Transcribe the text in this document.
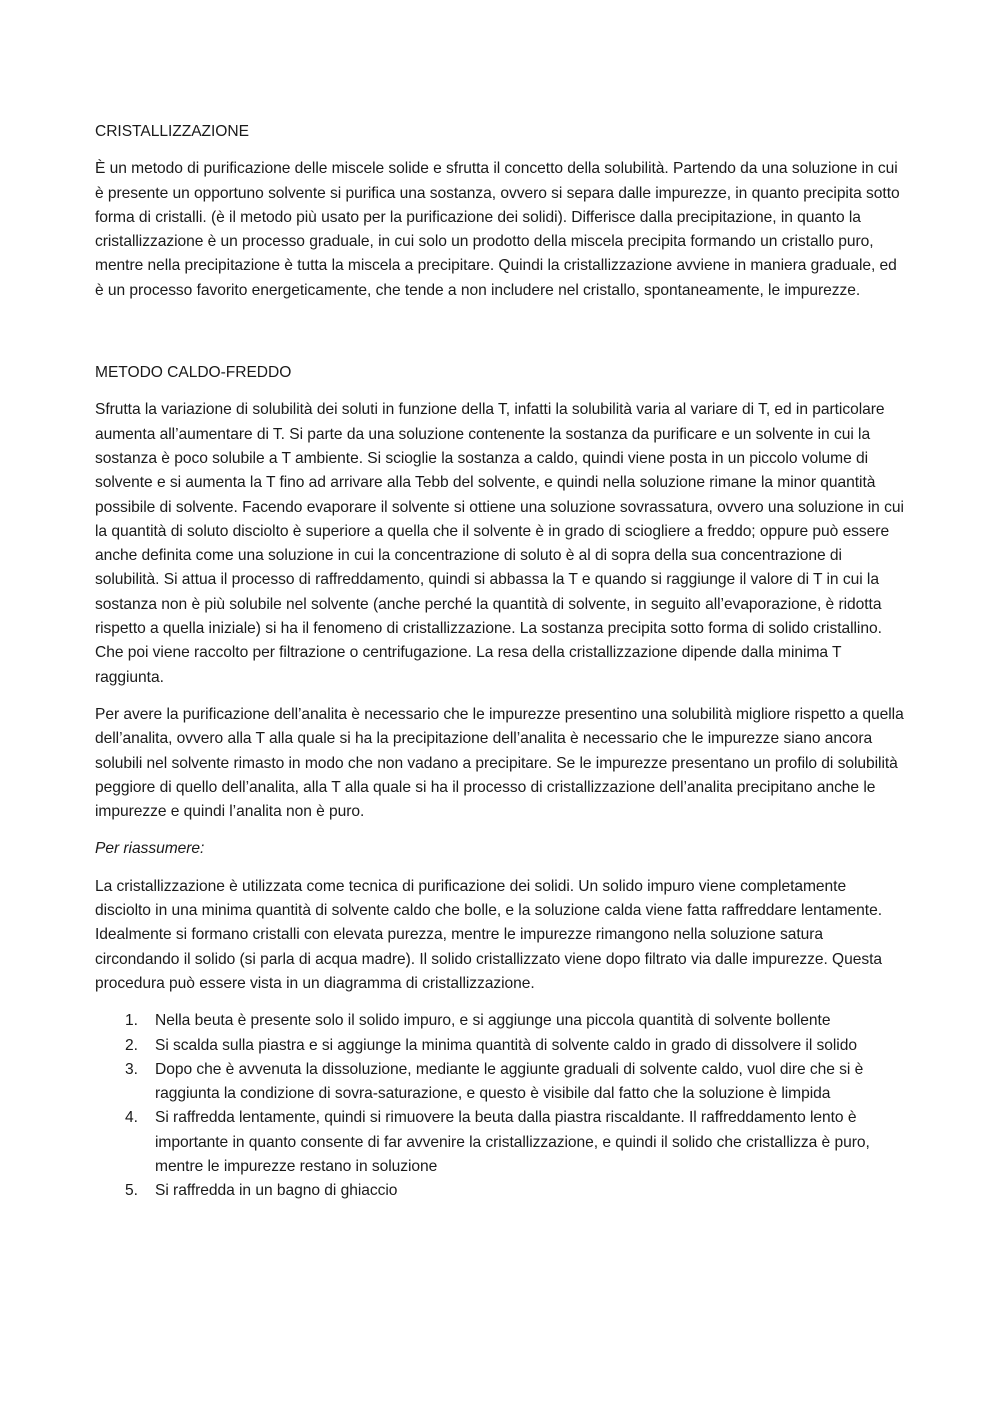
CRISTALLIZZAZIONE

È un metodo di purificazione delle miscele solide e sfrutta il concetto della solubilità. Partendo da una soluzione in cui è presente un opportuno solvente si purifica una sostanza, ovvero si separa dalle impurezze, in quanto precipita sotto forma di cristalli. (è il metodo più usato per la purificazione dei solidi). Differisce dalla precipitazione, in quanto la cristallizzazione è un processo graduale, in cui solo un prodotto della miscela precipita formando un cristallo puro, mentre nella precipitazione è tutta la miscela a precipitare. Quindi la cristallizzazione avviene in maniera graduale, ed è un processo favorito energeticamente, che tende a non includere nel cristallo, spontaneamente, le impurezze.

METODO CALDO-FREDDO

Sfrutta la variazione di solubilità dei soluti in funzione della T, infatti la solubilità varia al variare di T, ed in particolare aumenta all’aumentare di T. Si parte da una soluzione contenente la sostanza da purificare e un solvente in cui la sostanza è poco solubile a T ambiente. Si scioglie la sostanza a caldo, quindi viene posta in un piccolo volume di solvente e si aumenta la T fino ad arrivare alla Tebb del solvente, e quindi nella soluzione rimane la minor quantità possibile di solvente. Facendo evaporare il solvente si ottiene una soluzione sovrassatura, ovvero una soluzione in cui la quantità di soluto disciolto è superiore a quella che il solvente è in grado di sciogliere a freddo; oppure può essere anche definita come una soluzione in cui la concentrazione di soluto è al di sopra della sua concentrazione di solubilità. Si attua il processo di raffreddamento, quindi si abbassa la T e quando si raggiunge il valore di T in cui la sostanza non è più solubile nel solvente (anche perché la quantità di solvente, in seguito all’evaporazione, è ridotta rispetto a quella iniziale) si ha il fenomeno di cristallizzazione. La sostanza precipita sotto forma di solido cristallino. Che poi viene raccolto per filtrazione o centrifugazione. La resa della cristallizzazione dipende dalla minima T raggiunta.

Per avere la purificazione dell’analita è necessario che le impurezze presentino una solubilità migliore rispetto a quella dell’analita, ovvero alla T alla quale si ha la precipitazione dell’analita è necessario che le impurezze siano ancora solubili nel solvente rimasto in modo che non vadano a precipitare. Se le impurezze presentano un profilo di solubilità peggiore di quello dell’analita, alla T alla quale si ha il processo di cristallizzazione dell’analita precipitano anche le impurezze e quindi l’analita non è puro.

Per riassumere:

La cristallizzazione è utilizzata come tecnica di purificazione dei solidi. Un solido impuro viene completamente disciolto in una minima quantità di solvente caldo che bolle, e la soluzione calda viene fatta raffreddare lentamente. Idealmente si formano cristalli con elevata purezza, mentre le impurezze rimangono nella soluzione satura circondando il solido (si parla di acqua madre). Il solido cristallizzato viene dopo filtrato via dalle impurezze. Questa procedura può essere vista in un diagramma di cristallizzazione.

1. Nella beuta è presente solo il solido impuro, e si aggiunge una piccola quantità di solvente bollente
2. Si scalda sulla piastra e si aggiunge la minima quantità di solvente caldo in grado di dissolvere il solido
3. Dopo che è avvenuta la dissoluzione, mediante le aggiunte graduali di solvente caldo, vuol dire che si è raggiunta la condizione di sovra-saturazione, e questo è visibile dal fatto che la soluzione è limpida
4. Si raffredda lentamente, quindi si rimuovere la beuta dalla piastra riscaldante. Il raffreddamento lento è importante in quanto consente di far avvenire la cristallizzazione, e quindi il solido che cristallizza è puro, mentre le impurezze restano in soluzione
5. Si raffredda in un bagno di ghiaccio
